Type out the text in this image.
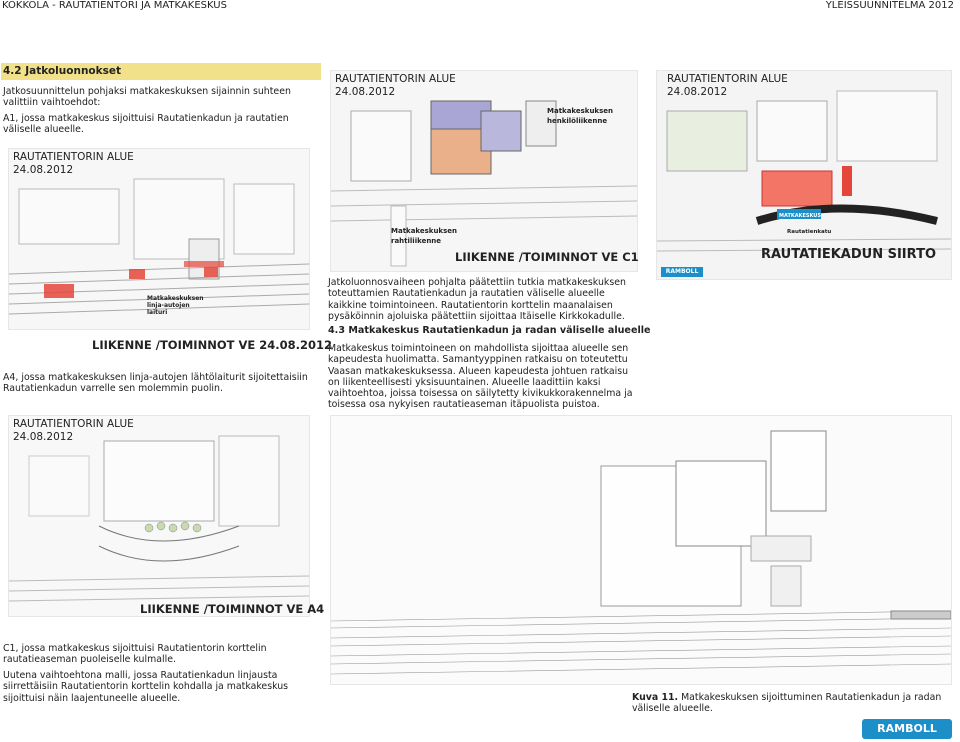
KOKKOLA - RAUTATIENTORI JA MATKAKESKUS	YLEISSUUNNITELMA 2012
4.2 Jatkoluonnokset

Jatkosuunnittelun pohjaksi matkakeskuksen sijainnin suhteen valittiin vaihtoehdot:

A1, jossa matkakeskus sijoittuisi Rautatienkadun ja rautatien väliselle alueelle.

RAUTATIENTORIN ALUE
24.08.2012
Matkakeskuksen linja-autojen laituri
LIIKENNE /TOIMINNOT VE 24.08.2012

A4, jossa matkakeskuksen linja-autojen lähtölaiturit sijoitettaisiin Rautatienkadun varrelle sen molemmin puolin.

RAUTATIENTORIN ALUE
24.08.2012
LIIKENNE /TOIMINNOT VE A4

C1, jossa matkakeskus sijoittuisi Rautatientorin korttelin rautatieaseman puoleiselle kulmalle.

Uutena vaihtoehtona malli, jossa Rautatienkadun linjausta siirrettäisiin Rautatientorin korttelin kohdalla ja matkakeskus sijoittuisi näin laajentuneelle alueelle.

RAUTATIENTORIN ALUE
24.08.2012
Matkakeskuksen henkilöliikenne
Matkakeskuksen rahtiliikenne
LIIKENNE /TOIMINNOT VE C1

Jatkoluonnosvaiheen pohjalta päätettiin tutkia matkakeskuksen toteuttamien Rautatienkadun ja rautatien väliselle alueelle kaikkine toimintoineen. Rautatientorin korttelin maanalaisen pysäköinnin ajoluiska päätettiin sijoittaa Itäiselle Kirkkokadulle.

4.3 Matkakeskus Rautatienkadun ja radan väliselle alueelle

Matkakeskus toimintoineen on mahdollista sijoittaa alueelle sen kapeudesta huolimatta. Samantyyppinen ratkaisu on toteutettu Vaasan matkakeskuksessa. Alueen kapeudesta johtuen ratkaisu on liikenteellisesti yksisuuntainen. Alueelle laadittiin kaksi vaihtoehtoa, joissa toisessa on säilytetty kivikukkorakennelma ja toisessa osa nykyisen rautatieaseman itäpuolista puistoa.

RAUTATIENTORIN ALUE
24.08.2012
MATKAKESKUS
Rautatienkatu
RAUTATIEKADUN SIIRTO
RAMBOLL
Kuva 11. Matkakeskuksen sijoittuminen Rautatienkadun ja radan väliselle alueelle.
RAMBOLL
